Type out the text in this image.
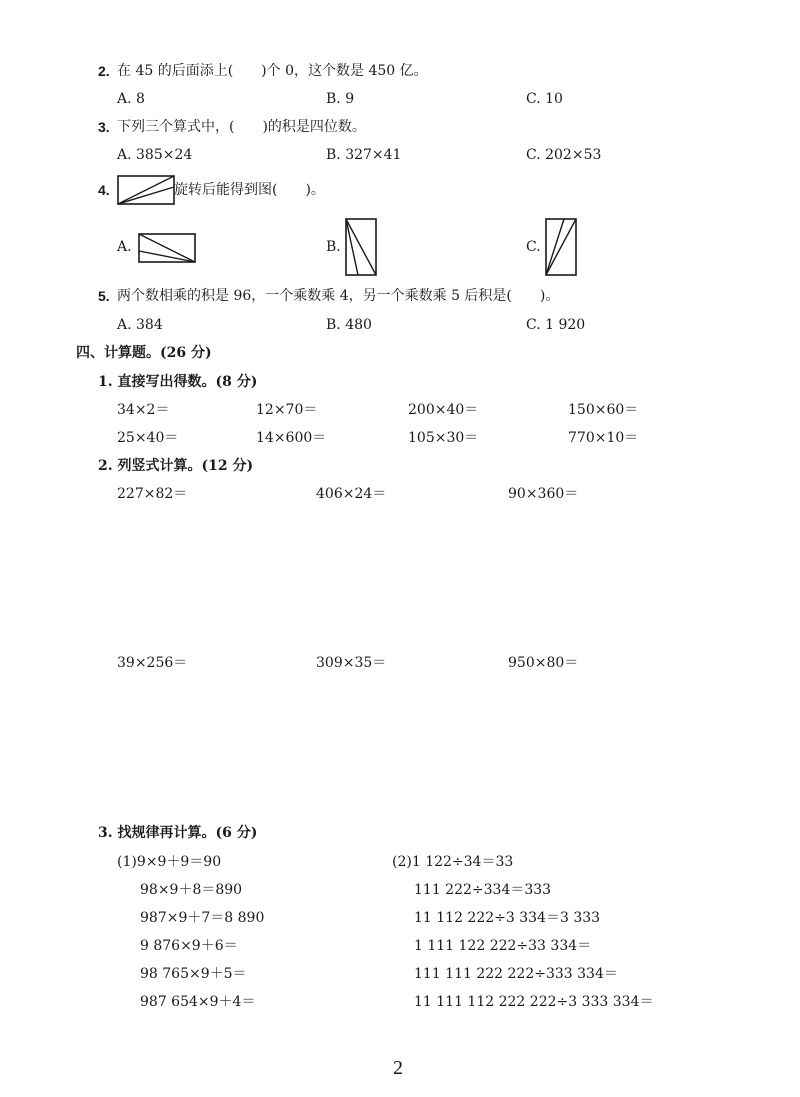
2. 在 45 的后面添上(　　)个 0，这个数是 450 亿。
A. 8	B. 9	C. 10
3. 下列三个算式中，(　　)的积是四位数。
A. 385×24	B. 327×41	C. 202×53
4.	旋转后能得到图(　　)。
A.	B.	C.
5. 两个数相乘的积是 96，一个乘数乘 4，另一个乘数乘 5 后积是(　　)。
A. 384	B. 480	C. 1 920
四、计算题。(26 分)
1. 直接写出得数。(8 分)
34×2＝	12×70＝	200×40＝	150×60＝
25×40＝	14×600＝	105×30＝	770×10＝
2. 列竖式计算。(12 分)
227×82＝	406×24＝	90×360＝
39×256＝	309×35＝	950×80＝
3. 找规律再计算。(6 分)
(1)9×9＋9＝90
98×9＋8＝890
987×9＋7＝8 890
9 876×9＋6＝
98 765×9＋5＝
987 654×9＋4＝
(2)1 122÷34＝33
111 222÷334＝333
11 112 222÷3 334＝3 333
1 111 122 222÷33 334＝
111 111 222 222÷333 334＝
11 111 112 222 222÷3 333 334＝
2
